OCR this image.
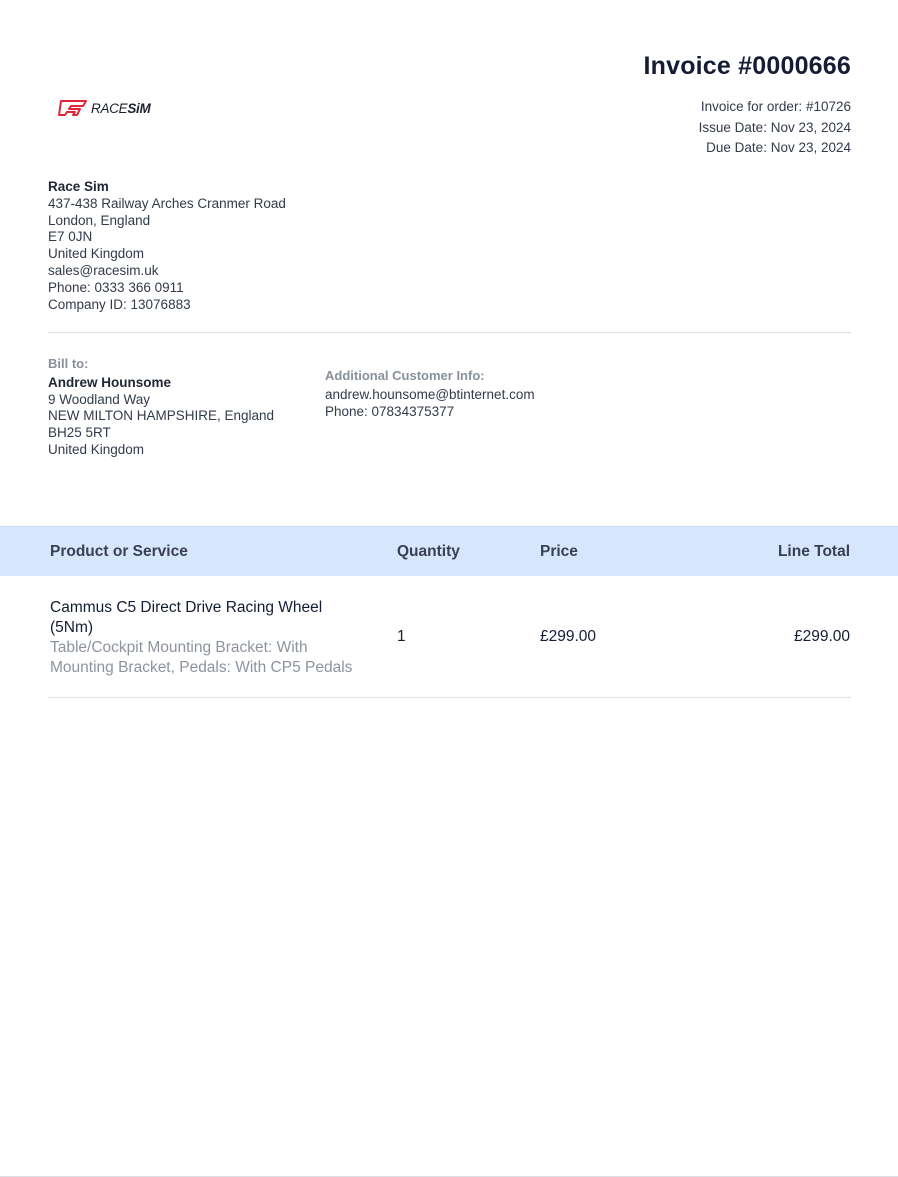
Invoice #0000666
Invoice for order: #10726
Issue Date: Nov 23, 2024
Due Date: Nov 23, 2024
RACESiM
Race Sim
437-438 Railway Arches Cranmer Road
London, England
E7 0JN
United Kingdom
sales@racesim.uk
Phone: 0333 366 0911
Company ID: 13076883
Bill to:
Andrew Hounsome
9 Woodland Way
NEW MILTON HAMPSHIRE, England
BH25 5RT
United Kingdom
Additional Customer Info:
andrew.hounsome@btinternet.com
Phone: 07834375377
Product or Service	Quantity	Price	Line Total
Cammus C5 Direct Drive Racing Wheel
(5Nm)
Table/Cockpit Mounting Bracket: With
Mounting Bracket, Pedals: With CP5 Pedals
1	£299.00	£299.00
